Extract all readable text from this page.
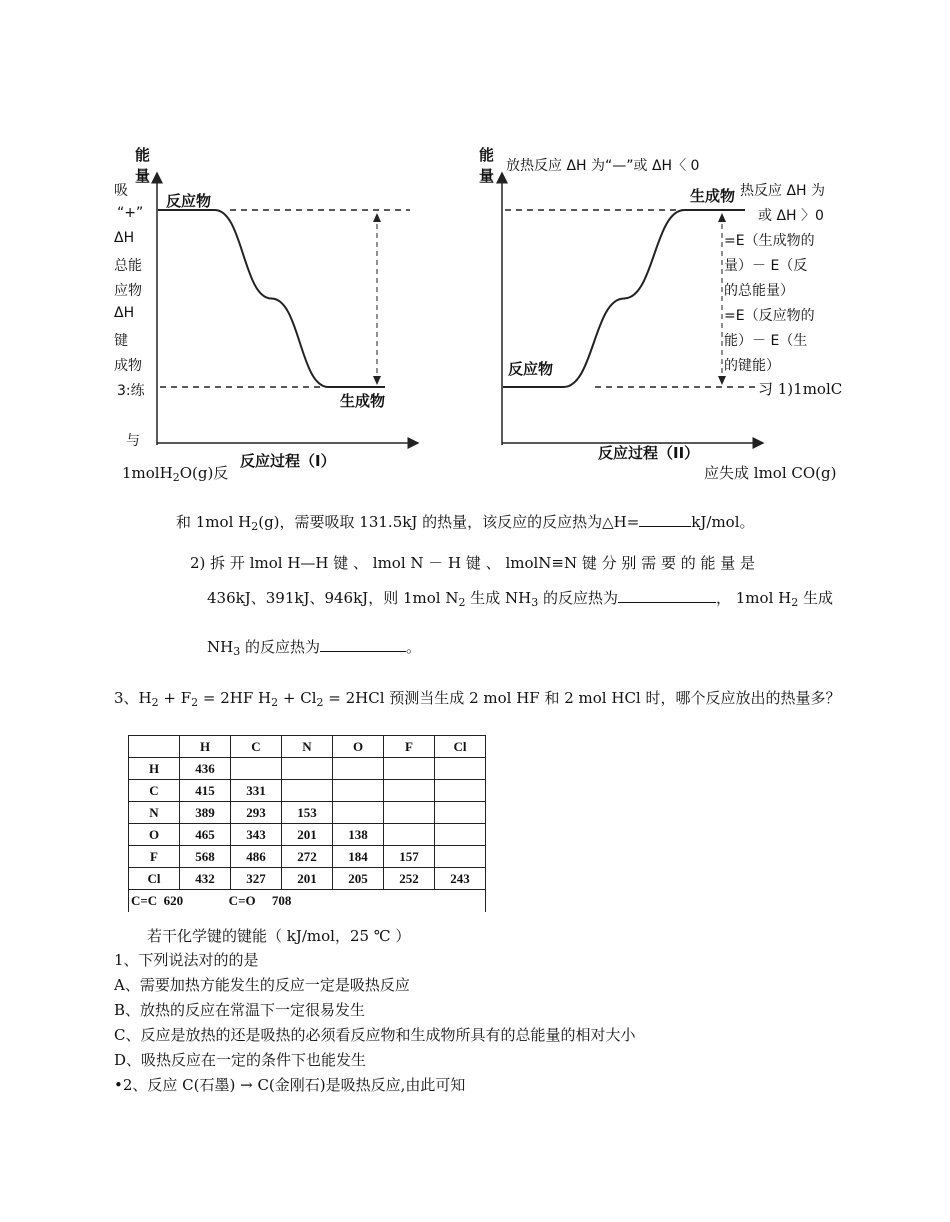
能量
反应物
生成物
反应过程（I）
能量
生成物
反应物
反应过程（II）
吸
“+”
ΔH
总能
应物
ΔH
键
成物
3:练
与
1molH$_2$O(g)反
放热反应 ΔH 为“—”或 ΔH〈 0
热反应 ΔH 为
或 ΔH 〉0
=E（生成物的
量）－ E（反
的总能量）
=E（反应物的
能）－ E（生
的键能）
习 1)1molC
应失成 lmol CO(g)
和 1mol $H_2(g)$，需要吸取 131.5kJ 的热量，该反应的反应热为△H=	kJ/mol。
2) 拆 开 lmol H—H 键 、 lmol N － H 键 、 lmolN≡N 键 分 别 需 要 的 能 量 是
436kJ、391kJ、946kJ，则 1mol $N_2$ 生成 $NH_3$ 的反应热为	， 1mol $H_2$ 生成
$NH_3$ 的反应热为	。
3、$H_2 + F_2 = 2HF$ $H_2 + Cl_2 = 2HCl$ 预测当生成 2 mol HF 和 2 mol HCl 时，哪个反应放出的热量多？
	H	C	N	O	F	Cl
H	436					
C	415	331				
N	389	293	153			
O	465	343	201	138		
F	568	486	272	184	157	
Cl	432	327	201	205	252	243
C=C  620              C=O     708						
若干化学键的键能（ kJ/mol，25 ℃ ）
1、下列说法对的的是
A、需要加热方能发生的反应一定是吸热反应
B、放热的反应在常温下一定很易发生
C、反应是放热的还是吸热的必须看反应物和生成物所具有的总能量的相对大小
D、吸热反应在一定的条件下也能发生
•2、反应 C(石墨) → C(金刚石)是吸热反应,由此可知
